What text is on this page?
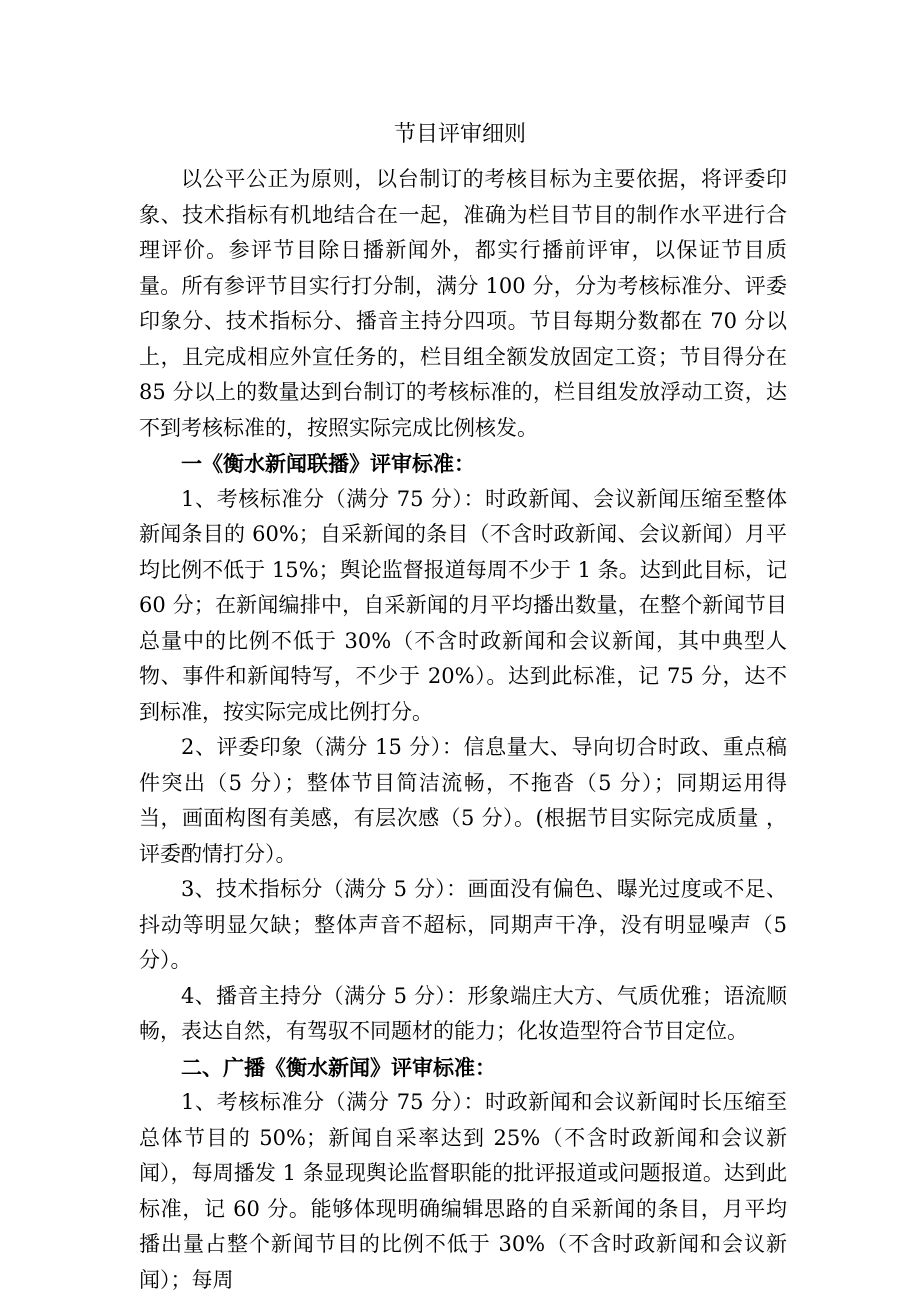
节目评审细则

以公平公正为原则，以台制订的考核目标为主要依据，将评委印象、技术指标有机地结合在一起，准确为栏目节目的制作水平进行合理评价。参评节目除日播新闻外，都实行播前评审，以保证节目质量。所有参评节目实行打分制，满分 100 分，分为考核标准分、评委印象分、技术指标分、播音主持分四项。节目每期分数都在 70 分以上，且完成相应外宣任务的，栏目组全额发放固定工资；节目得分在 85 分以上的数量达到台制订的考核标准的，栏目组发放浮动工资，达不到考核标准的，按照实际完成比例核发。

一《衡水新闻联播》评审标准：

1、考核标准分（满分 75 分）：时政新闻、会议新闻压缩至整体新闻条目的 60%；自采新闻的条目（不含时政新闻、会议新闻）月平均比例不低于 15%；舆论监督报道每周不少于 1 条。达到此目标，记 60 分；在新闻编排中，自采新闻的月平均播出数量，在整个新闻节目总量中的比例不低于 30%（不含时政新闻和会议新闻，其中典型人物、事件和新闻特写，不少于 20%）。达到此标准，记 75 分，达不到标准，按实际完成比例打分。

2、评委印象（满分 15 分）：信息量大、导向切合时政、重点稿件突出（5 分）；整体节目简洁流畅，不拖沓（5 分）；同期运用得当，画面构图有美感，有层次感（5 分）。(根据节目实际完成质量 ，评委酌情打分）。

3、技术指标分（满分 5 分）：画面没有偏色、曝光过度或不足、抖动等明显欠缺；整体声音不超标，同期声干净，没有明显噪声（5 分）。

4、播音主持分（满分 5 分）：形象端庄大方、气质优雅；语流顺畅，表达自然，有驾驭不同题材的能力；化妆造型符合节目定位。

二、广播《衡水新闻》评审标准：

1、考核标准分（满分 75 分）：时政新闻和会议新闻时长压缩至总体节目的 50%；新闻自采率达到 25%（不含时政新闻和会议新闻），每周播发 1 条显现舆论监督职能的批评报道或问题报道。达到此标准，记 60 分。能够体现明确编辑思路的自采新闻的条目，月平均播出量占整个新闻节目的比例不低于 30%（不含时政新闻和会议新闻）；每周
